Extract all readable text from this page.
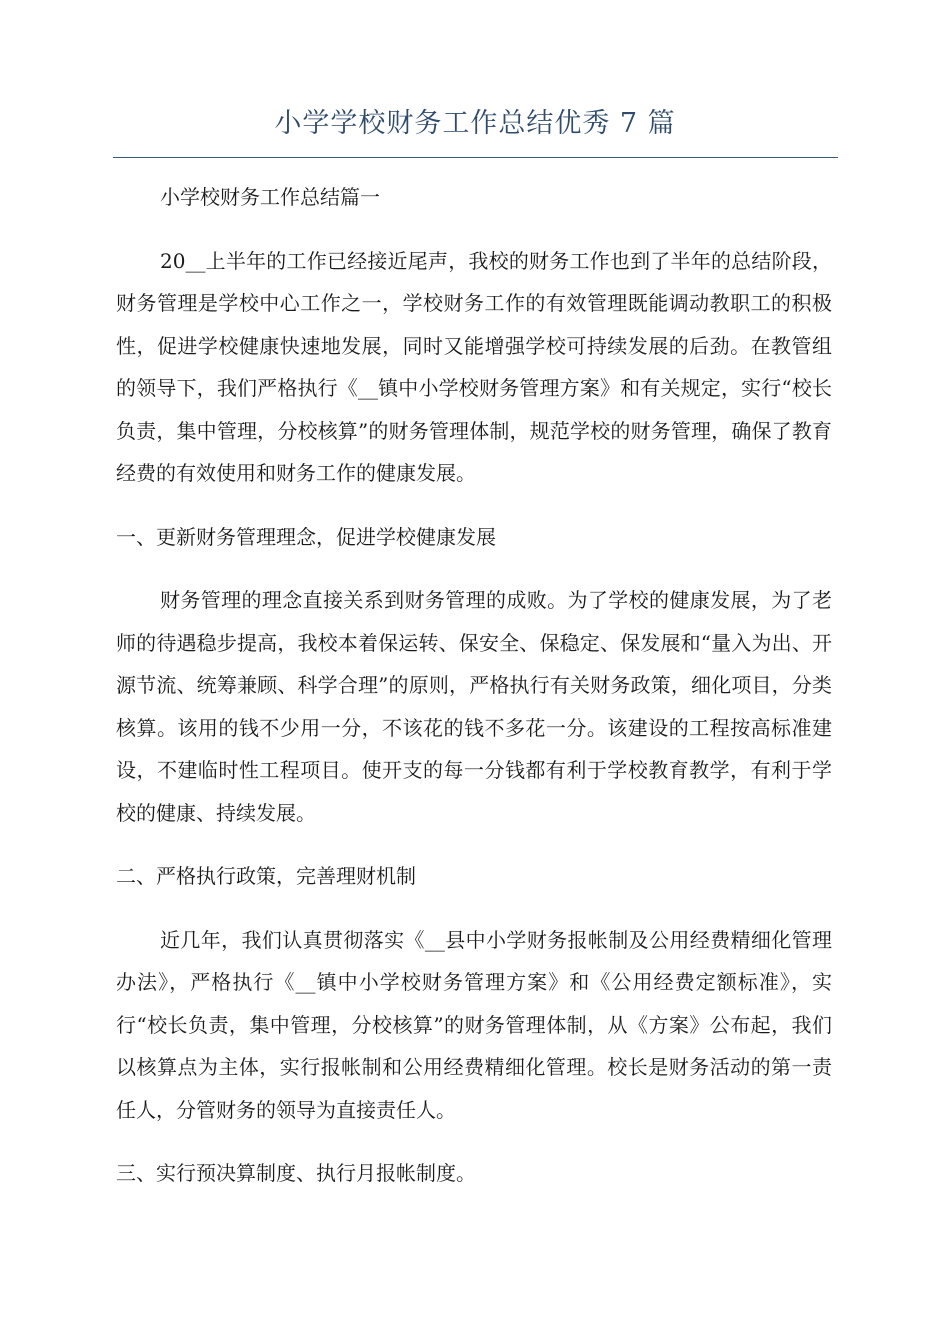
小学学校财务工作总结优秀 7 篇

小学校财务工作总结篇一

20__上半年的工作已经接近尾声，我校的财务工作也到了半年的总结阶段，财务管理是学校中心工作之一，学校财务工作的有效管理既能调动教职工的积极性，促进学校健康快速地发展，同时又能增强学校可持续发展的后劲。在教管组的领导下，我们严格执行《__镇中小学校财务管理方案》和有关规定，实行“校长负责，集中管理，分校核算”的财务管理体制，规范学校的财务管理，确保了教育经费的有效使用和财务工作的健康发展。

一、更新财务管理理念，促进学校健康发展

财务管理的理念直接关系到财务管理的成败。为了学校的健康发展，为了老师的待遇稳步提高，我校本着保运转、保安全、保稳定、保发展和“量入为出、开源节流、统筹兼顾、科学合理”的原则，严格执行有关财务政策，细化项目，分类核算。该用的钱不少用一分，不该花的钱不多花一分。该建设的工程按高标准建设，不建临时性工程项目。使开支的每一分钱都有利于学校教育教学，有利于学校的健康、持续发展。

二、严格执行政策，完善理财机制

近几年，我们认真贯彻落实《__县中小学财务报帐制及公用经费精细化管理办法》，严格执行《__镇中小学校财务管理方案》和《公用经费定额标准》，实行“校长负责，集中管理，分校核算”的财务管理体制，从《方案》公布起，我们以核算点为主体，实行报帐制和公用经费精细化管理。校长是财务活动的第一责任人，分管财务的领导为直接责任人。

三、实行预决算制度、执行月报帐制度。
